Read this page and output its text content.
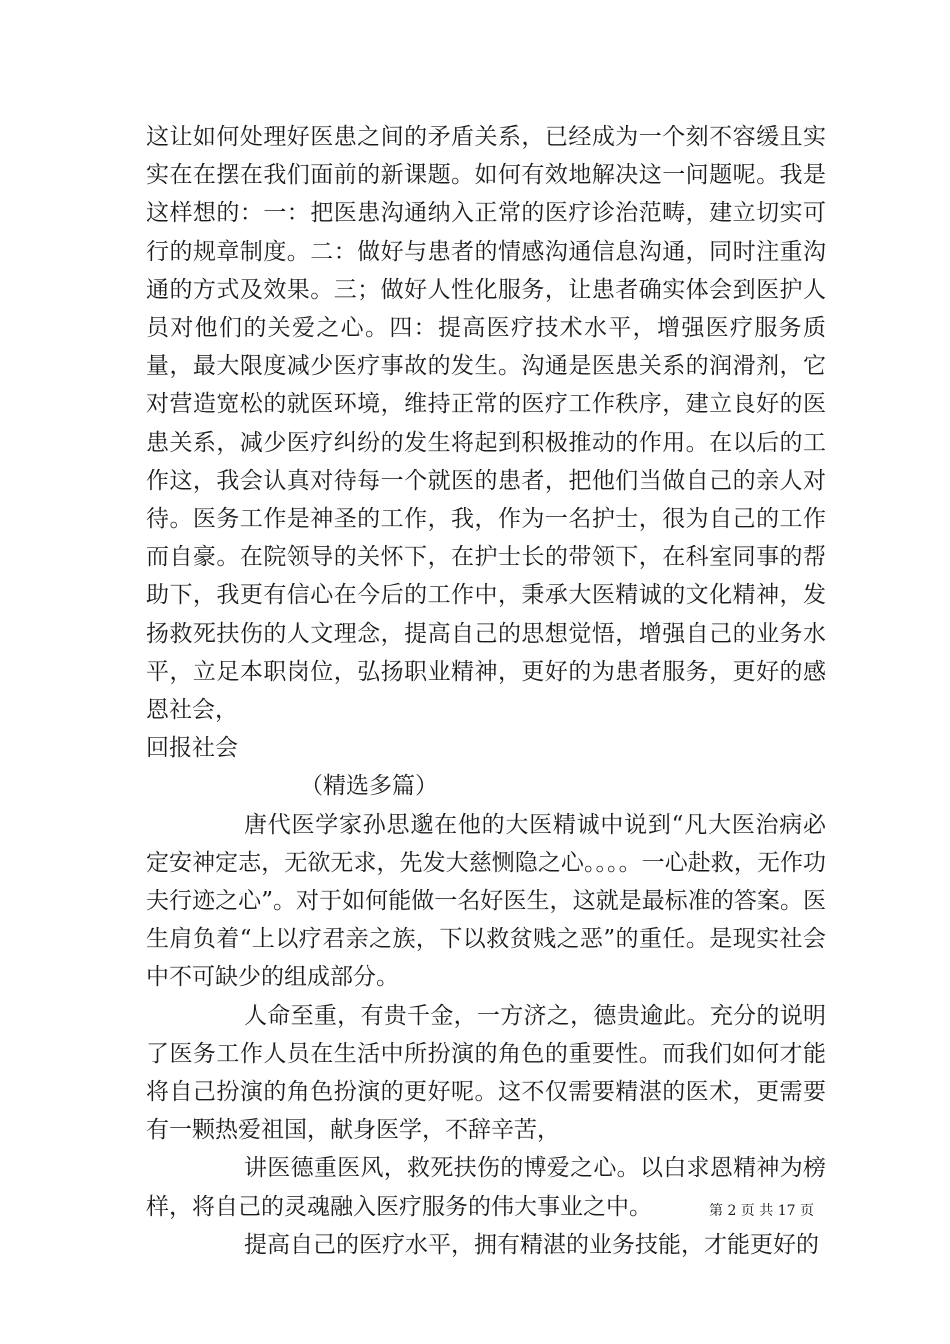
这让如何处理好医患之间的矛盾关系，已经成为一个刻不容缓且实实在在摆在我们面前的新课题。如何有效地解决这一问题呢。我是这样想的：一：把医患沟通纳入正常的医疗诊治范畴，建立切实可行的规章制度。二：做好与患者的情感沟通信息沟通，同时注重沟通的方式及效果。三；做好人性化服务，让患者确实体会到医护人员对他们的关爱之心。四：提高医疗技术水平，增强医疗服务质量，最大限度减少医疗事故的发生。沟通是医患关系的润滑剂，它对营造宽松的就医环境，维持正常的医疗工作秩序，建立良好的医患关系，减少医疗纠纷的发生将起到积极推动的作用。在以后的工作这，我会认真对待每一个就医的患者，把他们当做自己的亲人对待。医务工作是神圣的工作，我，作为一名护士，很为自己的工作而自豪。在院领导的关怀下，在护士长的带领下，在科室同事的帮助下，我更有信心在今后的工作中，秉承大医精诚的文化精神，发扬救死扶伤的人文理念，提高自己的思想觉悟，增强自己的业务水平，立足本职岗位，弘扬职业精神，更好的为患者服务，更好的感恩社会，

回报社会

（精选多篇）

唐代医学家孙思邈在他的大医精诚中说到“凡大医治病必定安神定志，无欲无求，先发大慈恻隐之心。。。。一心赴救，无作功夫行迹之心”。对于如何能做一名好医生，这就是最标准的答案。医生肩负着“上以疗君亲之族，下以救贫贱之恶”的重任。是现实社会中不可缺少的组成部分。

人命至重，有贵千金，一方济之，德贵逾此。充分的说明了医务工作人员在生活中所扮演的角色的重要性。而我们如何才能将自己扮演的角色扮演的更好呢。这不仅需要精湛的医术，更需要有一颗热爱祖国，献身医学，不辞辛苦，

讲医德重医风，救死扶伤的博爱之心。以白求恩精神为榜样，将自己的灵魂融入医疗服务的伟大事业之中。

提高自己的医疗水平，拥有精湛的业务技能，才能更好的

第 2 页 共 17 页
